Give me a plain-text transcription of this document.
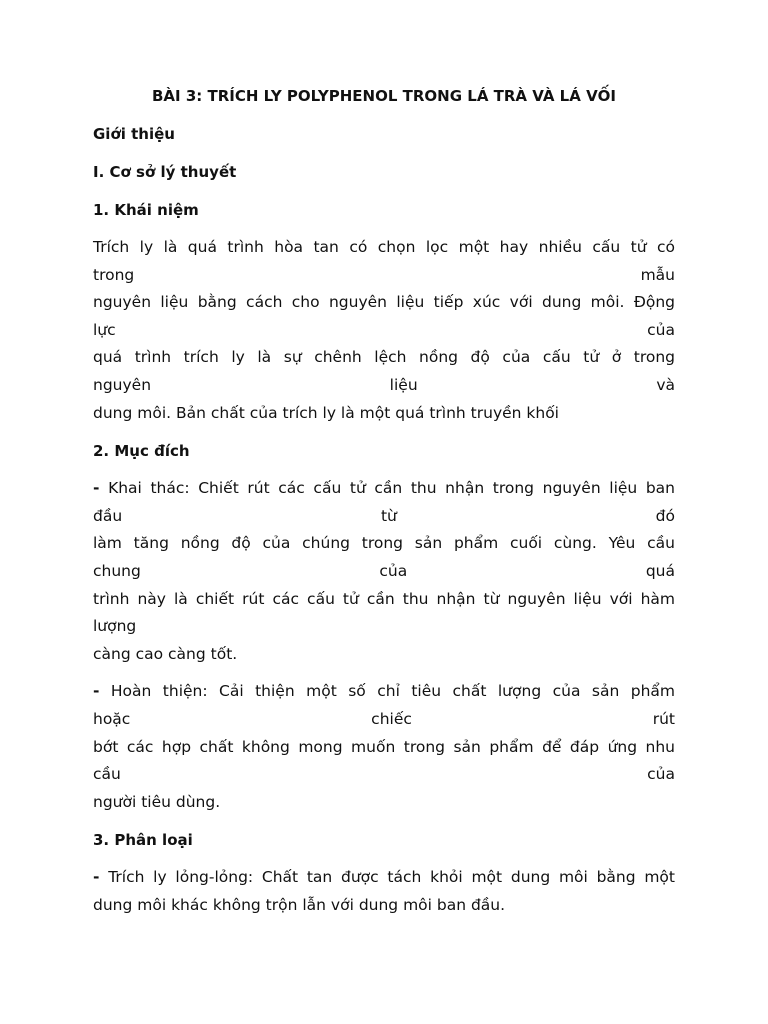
BÀI 3: TRÍCH LY POLYPHENOL TRONG LÁ TRÀ VÀ LÁ VỐI

Giới thiệu

I. Cơ sở lý thuyết

1. Khái niệm

Trích ly là quá trình hòa tan có chọn lọc một hay nhiều cấu tử có
trong mẫu
nguyên liệu bằng cách cho nguyên liệu tiếp xúc với dung môi. Động
lực của
quá trình trích ly là sự chênh lệch nồng độ của cấu tử ở trong
nguyên liệu và
dung môi. Bản chất của trích ly là một quá trình truyền khối

2. Mục đích

- Khai thác: Chiết rút các cấu tử cần thu nhận trong nguyên liệu ban
đầu từ đó
làm tăng nồng độ của chúng trong sản phẩm cuối cùng. Yêu cầu
chung của quá
trình này là chiết rút các cấu tử cần thu nhận từ nguyên liệu với hàm
lượng
càng cao càng tốt.
- Hoàn thiện: Cải thiện một số chỉ tiêu chất lượng của sản phẩm
hoặc chiếc rút
bớt các hợp chất không mong muốn trong sản phẩm để đáp ứng nhu
cầu của
người tiêu dùng.

3. Phân loại

- Trích ly lỏng-lỏng: Chất tan được tách khỏi một dung môi bằng một
dung môi khác không trộn lẫn với dung môi ban đầu.
